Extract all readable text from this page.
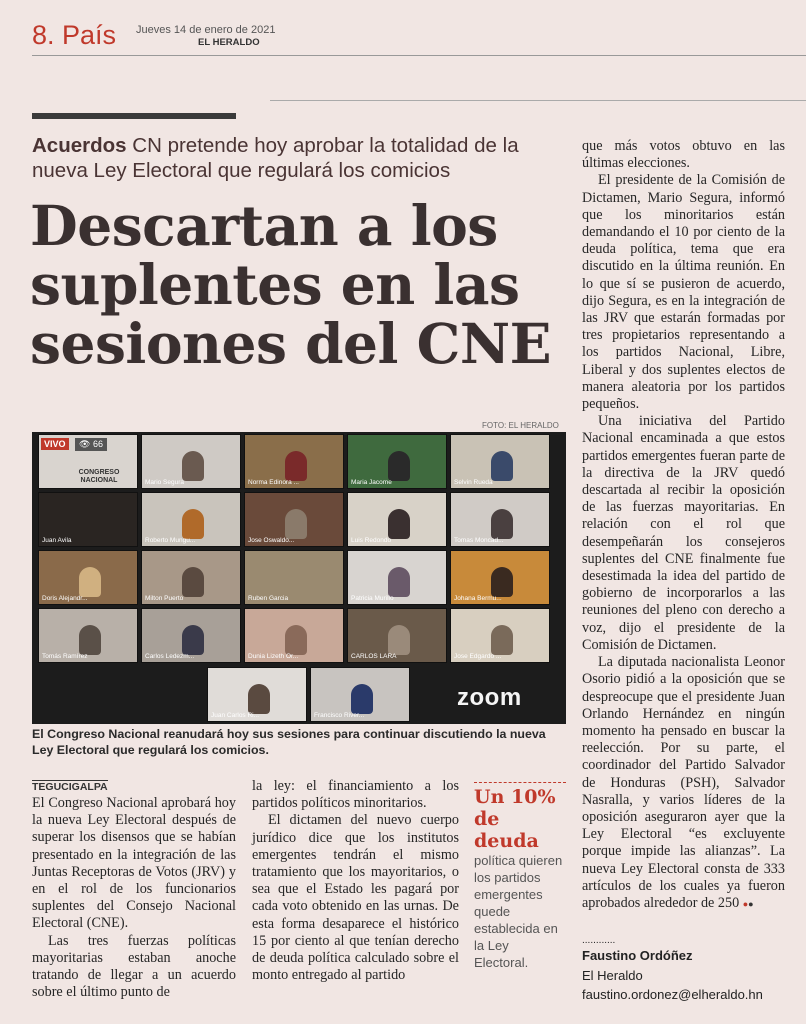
8. País Jueves 14 de enero de 2021
EL HERALDO
Acuerdos CN pretende hoy aprobar la totalidad de la nueva Ley Electoral que regulará los comicios
Descartan a los
suplentes en las
sesiones del CNE
FOTO: EL HERALDO
VIVO	👁 66
CONGRESO NACIONAL	Mario Segura	Norma Edinora ...	Maria Jacome	Selvin Rueda
Juan Avila	Roberto Mungu...	Jose Oswaldo...	Luis Redondo	Tomas Moncad...
Doris Alejandr...	Milton Puerto	Ruben Garcia	Patricia Murillo	Johana Bermu...
Tomás Ramírez	Carlos Ledezm...	Dunia Lizeth Or...	CARLOS LARA	Jose Edgardo ...
Juan Carlos Ri...	Francisco River...
zoom
El Congreso Nacional reanudará hoy sus sesiones para continuar discutiendo la nueva Ley Electoral que regulará los comicios.
TEGUCIGALPA

El Congreso Nacional aprobará hoy la nueva Ley Electoral después de superar los disensos que se habían presentado en la integración de las Juntas Receptoras de Votos (JRV) y en el rol de los funcionarios suplentes del Consejo Nacional Electoral (CNE).

Las tres fuerzas políticas mayoritarias estaban anoche tratando de llegar a un acuerdo sobre el último punto de

la ley: el financiamiento a los partidos políticos minoritarios.

El dictamen del nuevo cuerpo jurídico dice que los institutos emergentes tendrán el mismo tratamiento que los mayoritarios, o sea que el Estado les pagará por cada voto obtenido en las urnas. De esta forma desaparece el histórico 15 por ciento al que tenían derecho de deuda política calculado sobre el monto entregado al partido

Un 10% de deuda
política quieren los partidos emergentes quede establecida en la Ley Electoral.

que más votos obtuvo en las últimas elecciones.

El presidente de la Comisión de Dictamen, Mario Segura, informó que los minoritarios están demandando el 10 por ciento de la deuda política, tema que era discutido en la última reunión. En lo que sí se pusieron de acuerdo, dijo Segura, es en la integración de las JRV que estarán formadas por tres propietarios representando a los partidos Nacional, Libre, Liberal y dos suplentes electos de manera aleatoria por los partidos pequeños.

Una iniciativa del Partido Nacional encaminada a que estos partidos emergentes fueran parte de la directiva de la JRV quedó descartada al recibir la oposición de las fuerzas mayoritarias. En relación con el rol que desempeñarán los consejeros suplentes del CNE finalmente fue desestimada la idea del partido de gobierno de incorporarlos a las reuniones del pleno con derecho a voz, dijo el presidente de la Comisión de Dictamen.

La diputada nacionalista Leonor Osorio pidió a la oposición que se despreocupe que el presidente Juan Orlando Hernández en ningún momento ha pensado en buscar la reelección. Por su parte, el coordinador del Partido Salvador de Honduras (PSH), Salvador Nasralla, y varios líderes de la oposición aseguraron ayer que la Ley Electoral “es excluyente porque impide las alianzas”. La nueva Ley Electoral consta de 333 artículos de los cuales ya fueron aprobados alrededor de 250 ●●

............
Faustino Ordóñez
El Heraldo
faustino.ordonez@elheraldo.hn
